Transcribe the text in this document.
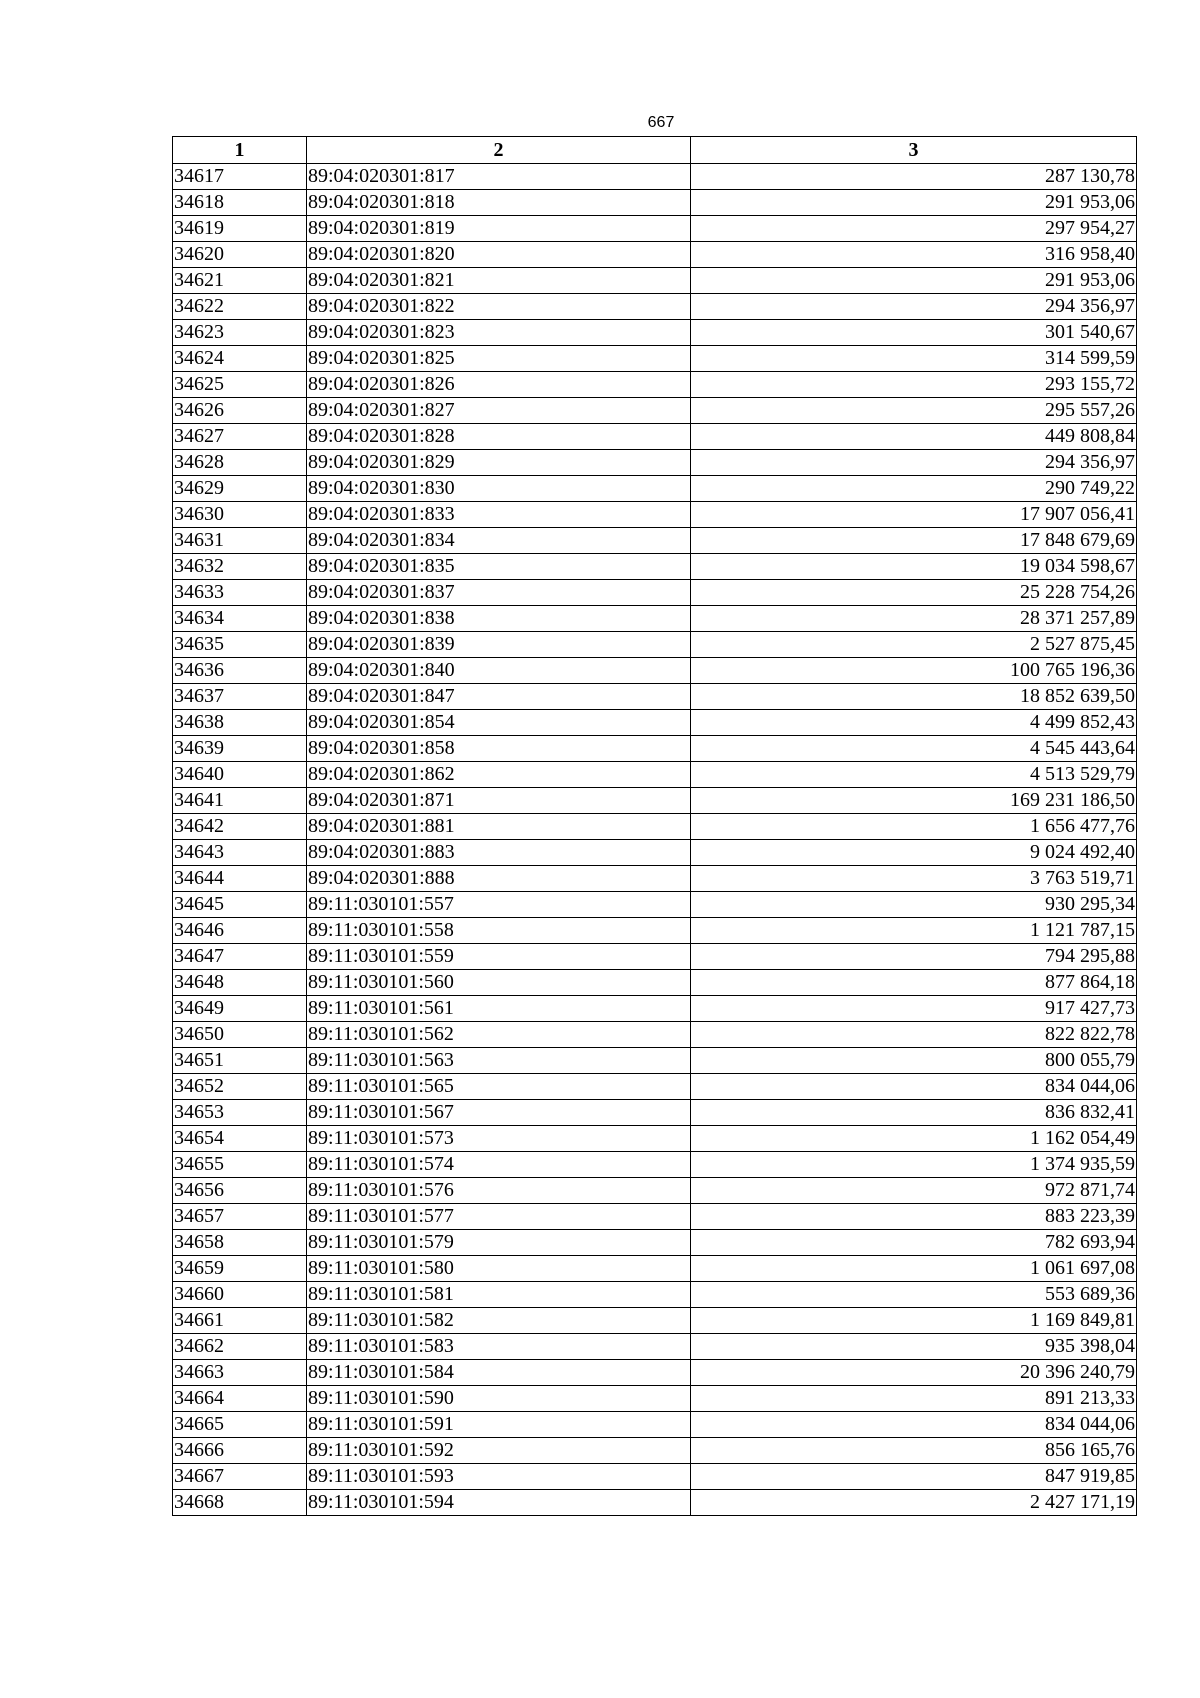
667
1	2	3
34617	89:04:020301:817	287 130,78
34618	89:04:020301:818	291 953,06
34619	89:04:020301:819	297 954,27
34620	89:04:020301:820	316 958,40
34621	89:04:020301:821	291 953,06
34622	89:04:020301:822	294 356,97
34623	89:04:020301:823	301 540,67
34624	89:04:020301:825	314 599,59
34625	89:04:020301:826	293 155,72
34626	89:04:020301:827	295 557,26
34627	89:04:020301:828	449 808,84
34628	89:04:020301:829	294 356,97
34629	89:04:020301:830	290 749,22
34630	89:04:020301:833	17 907 056,41
34631	89:04:020301:834	17 848 679,69
34632	89:04:020301:835	19 034 598,67
34633	89:04:020301:837	25 228 754,26
34634	89:04:020301:838	28 371 257,89
34635	89:04:020301:839	2 527 875,45
34636	89:04:020301:840	100 765 196,36
34637	89:04:020301:847	18 852 639,50
34638	89:04:020301:854	4 499 852,43
34639	89:04:020301:858	4 545 443,64
34640	89:04:020301:862	4 513 529,79
34641	89:04:020301:871	169 231 186,50
34642	89:04:020301:881	1 656 477,76
34643	89:04:020301:883	9 024 492,40
34644	89:04:020301:888	3 763 519,71
34645	89:11:030101:557	930 295,34
34646	89:11:030101:558	1 121 787,15
34647	89:11:030101:559	794 295,88
34648	89:11:030101:560	877 864,18
34649	89:11:030101:561	917 427,73
34650	89:11:030101:562	822 822,78
34651	89:11:030101:563	800 055,79
34652	89:11:030101:565	834 044,06
34653	89:11:030101:567	836 832,41
34654	89:11:030101:573	1 162 054,49
34655	89:11:030101:574	1 374 935,59
34656	89:11:030101:576	972 871,74
34657	89:11:030101:577	883 223,39
34658	89:11:030101:579	782 693,94
34659	89:11:030101:580	1 061 697,08
34660	89:11:030101:581	553 689,36
34661	89:11:030101:582	1 169 849,81
34662	89:11:030101:583	935 398,04
34663	89:11:030101:584	20 396 240,79
34664	89:11:030101:590	891 213,33
34665	89:11:030101:591	834 044,06
34666	89:11:030101:592	856 165,76
34667	89:11:030101:593	847 919,85
34668	89:11:030101:594	2 427 171,19
